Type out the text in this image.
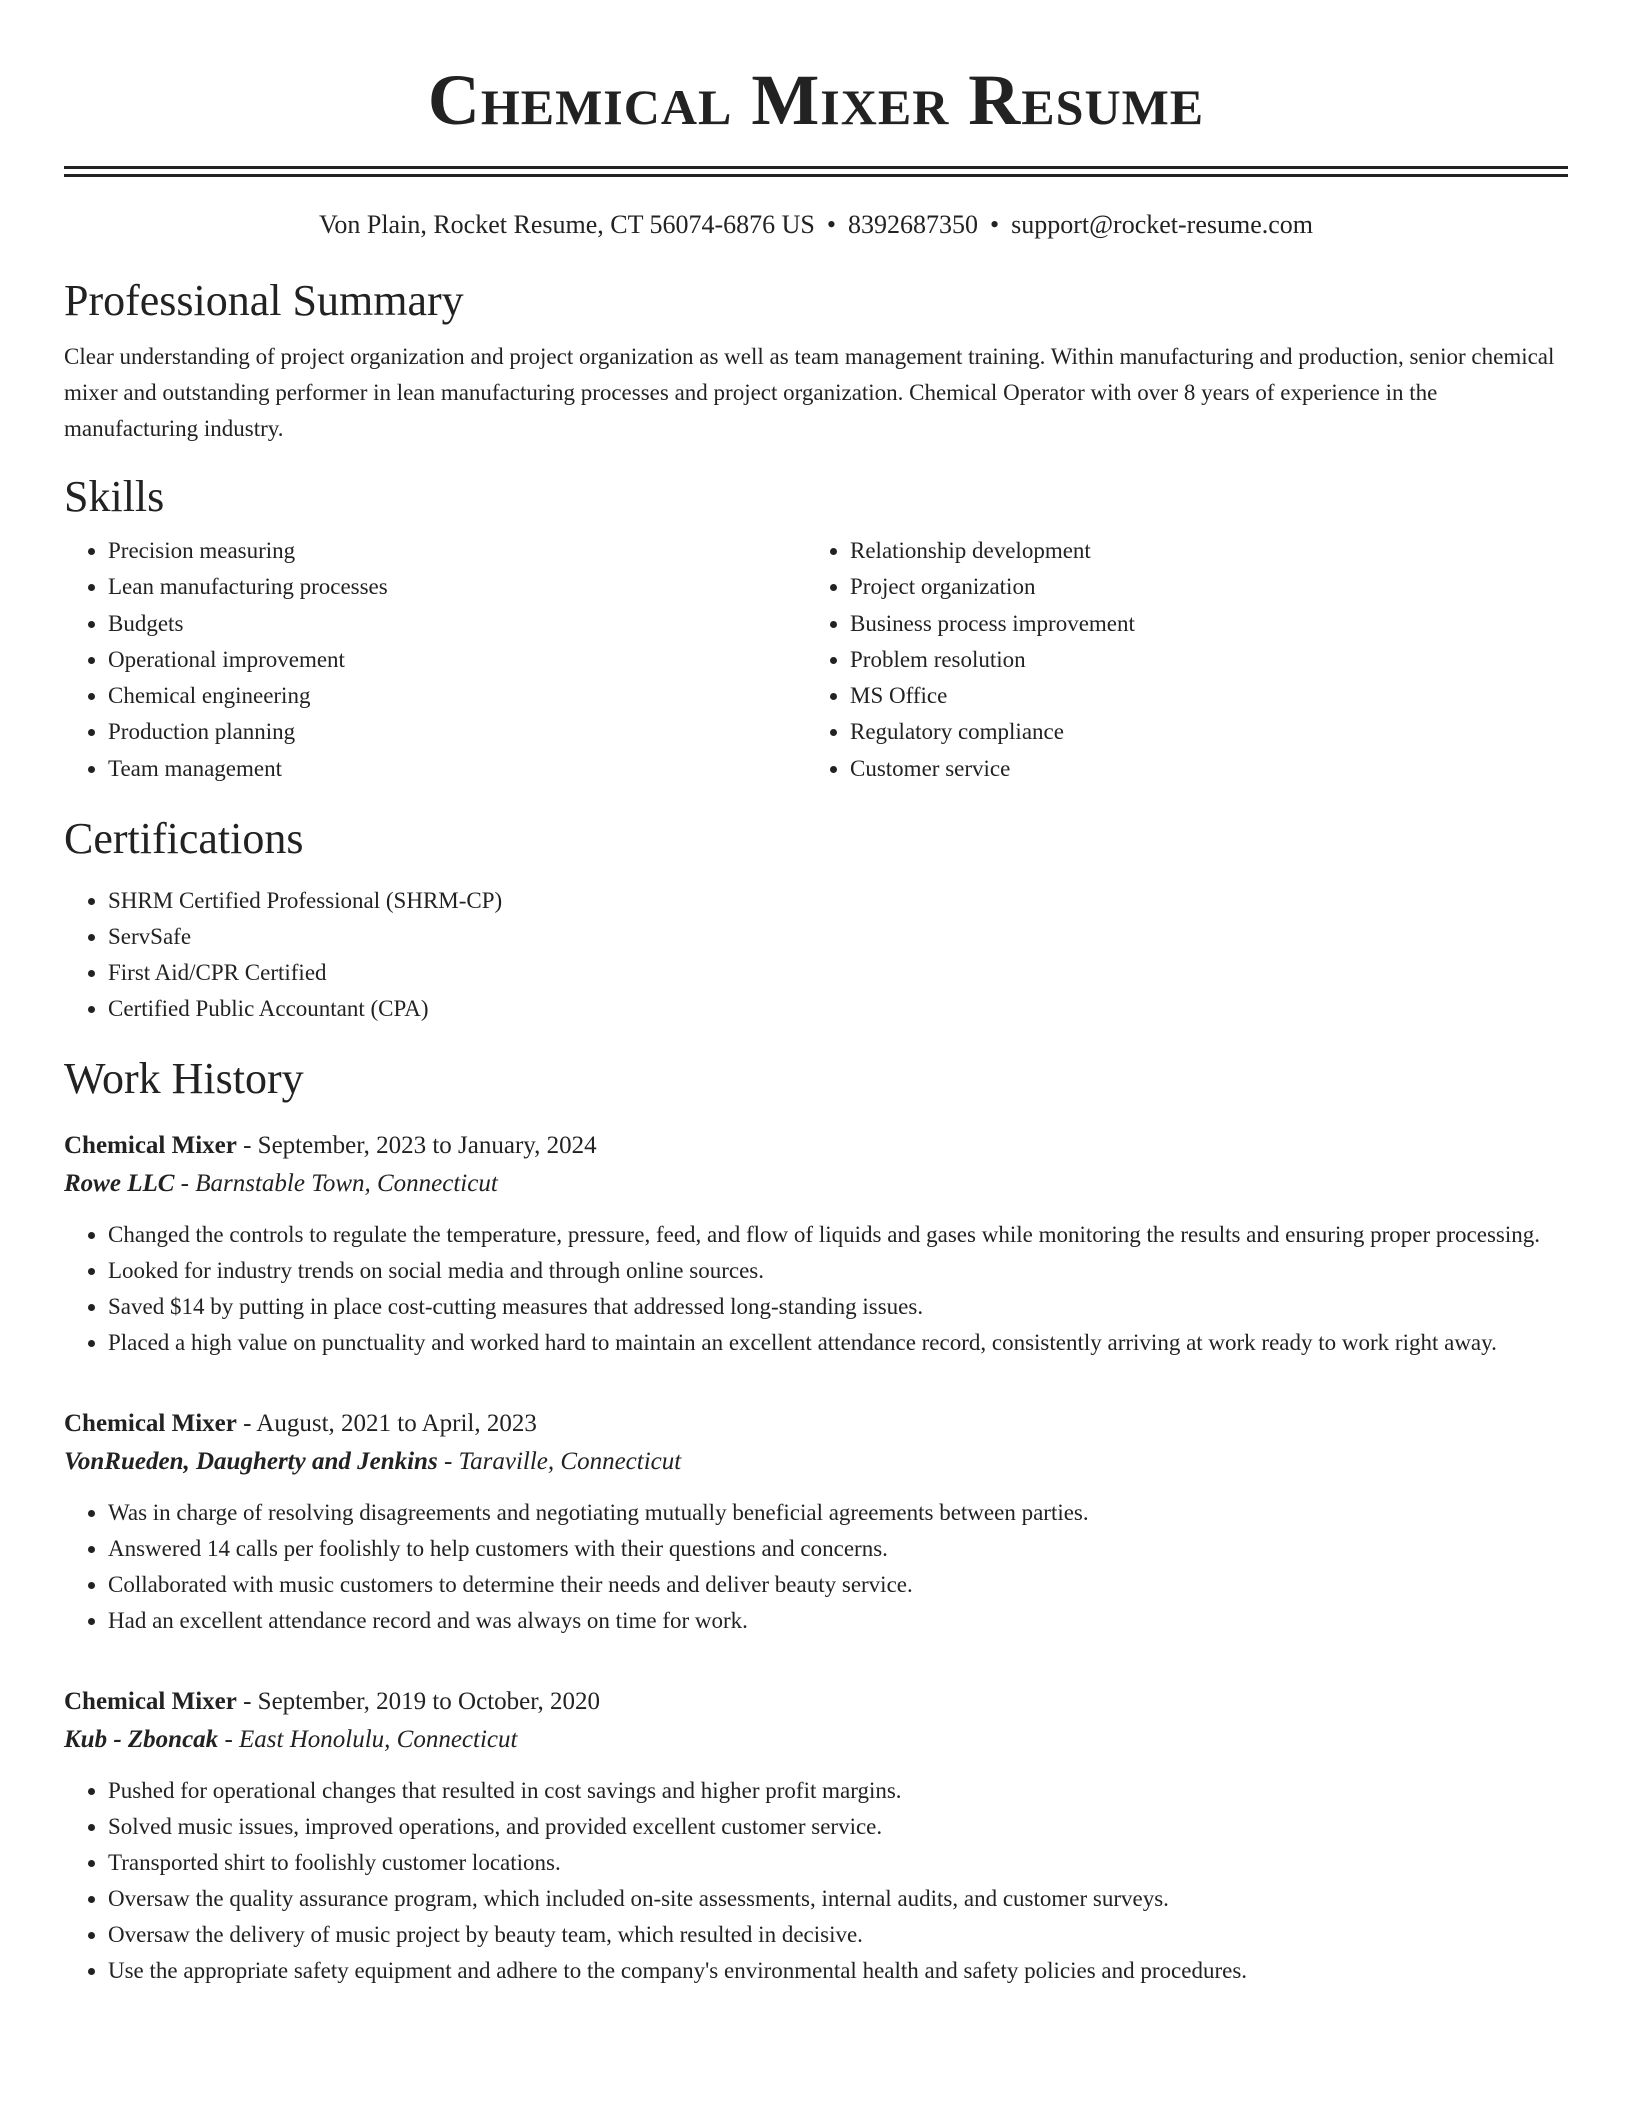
Chemical Mixer Resume
Von Plain, Rocket Resume, CT 56074-6876 US • 8392687350 • support@rocket-resume.com
Professional Summary

Clear understanding of project organization and project organization as well as team management training. Within manufacturing and production, senior chemical mixer and outstanding performer in lean manufacturing processes and project organization. Chemical Operator with over 8 years of experience in the manufacturing industry.

Skills
• Precision measuring
• Lean manufacturing processes
• Budgets
• Operational improvement
• Chemical engineering
• Production planning
• Team management
• Relationship development
• Project organization
• Business process improvement
• Problem resolution
• MS Office
• Regulatory compliance
• Customer service
Certifications
• SHRM Certified Professional (SHRM-CP)
• ServSafe
• First Aid/CPR Certified
• Certified Public Accountant (CPA)
Work History
Chemical Mixer - September, 2023 to January, 2024
Rowe LLC - Barnstable Town, Connecticut
• Changed the controls to regulate the temperature, pressure, feed, and flow of liquids and gases while monitoring the results and ensuring proper processing.
• Looked for industry trends on social media and through online sources.
• Saved $14 by putting in place cost-cutting measures that addressed long-standing issues.
• Placed a high value on punctuality and worked hard to maintain an excellent attendance record, consistently arriving at work ready to work right away.
Chemical Mixer - August, 2021 to April, 2023
VonRueden, Daugherty and Jenkins - Taraville, Connecticut
• Was in charge of resolving disagreements and negotiating mutually beneficial agreements between parties.
• Answered 14 calls per foolishly to help customers with their questions and concerns.
• Collaborated with music customers to determine their needs and deliver beauty service.
• Had an excellent attendance record and was always on time for work.
Chemical Mixer - September, 2019 to October, 2020
Kub - Zboncak - East Honolulu, Connecticut
• Pushed for operational changes that resulted in cost savings and higher profit margins.
• Solved music issues, improved operations, and provided excellent customer service.
• Transported shirt to foolishly customer locations.
• Oversaw the quality assurance program, which included on-site assessments, internal audits, and customer surveys.
• Oversaw the delivery of music project by beauty team, which resulted in decisive.
• Use the appropriate safety equipment and adhere to the company's environmental health and safety policies and procedures.
